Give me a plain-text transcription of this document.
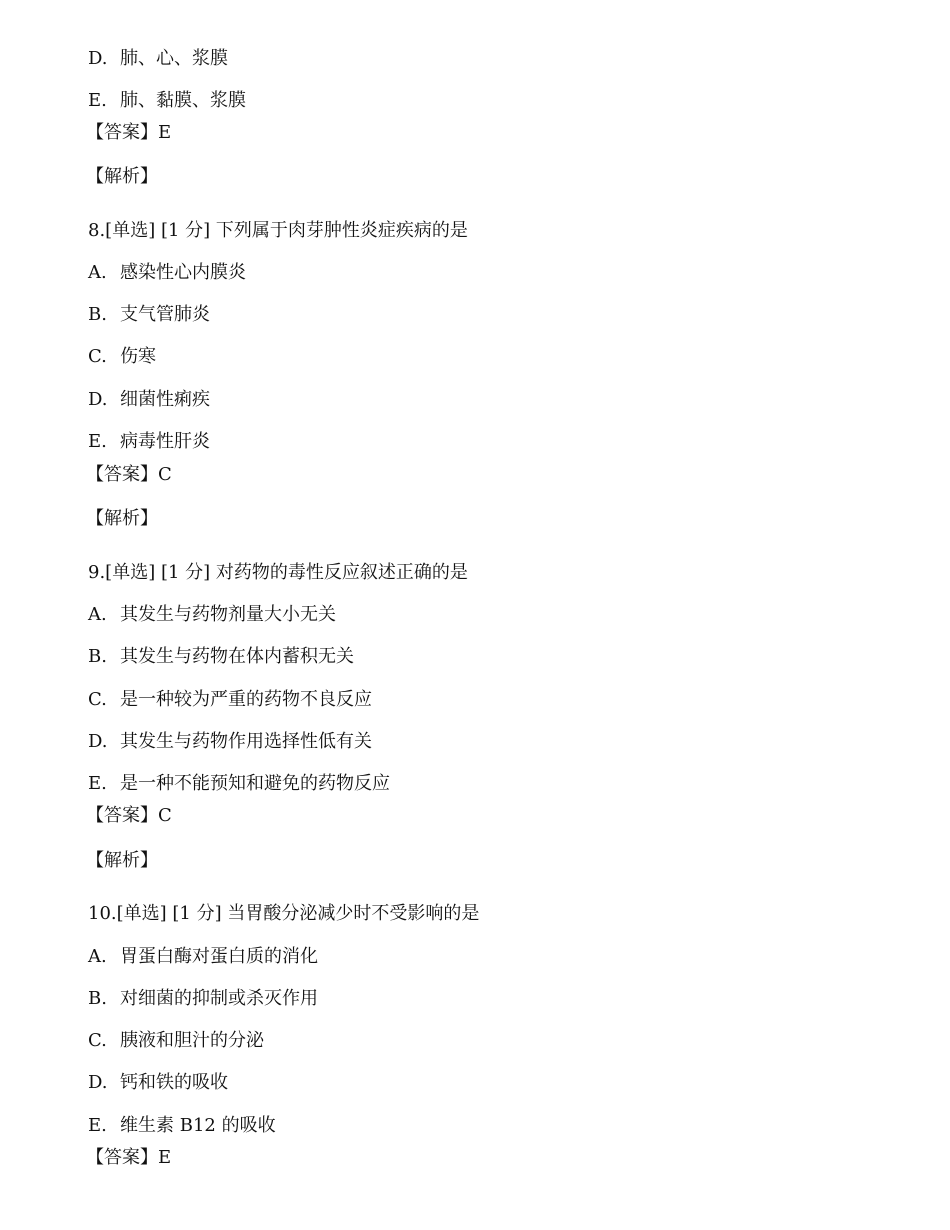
D. 肺、心、浆膜
E. 肺、黏膜、浆膜
【答案】E
【解析】
8.[单选] [1 分] 下列属于肉芽肿性炎症疾病的是
A. 感染性心内膜炎
B. 支气管肺炎
C. 伤寒
D. 细菌性痢疾
E. 病毒性肝炎
【答案】C
【解析】
9.[单选] [1 分] 对药物的毒性反应叙述正确的是
A. 其发生与药物剂量大小无关
B. 其发生与药物在体内蓄积无关
C. 是一种较为严重的药物不良反应
D. 其发生与药物作用选择性低有关
E. 是一种不能预知和避免的药物反应
【答案】C
【解析】
10.[单选] [1 分] 当胃酸分泌减少时不受影响的是
A. 胃蛋白酶对蛋白质的消化
B. 对细菌的抑制或杀灭作用
C. 胰液和胆汁的分泌
D. 钙和铁的吸收
E. 维生素 B12 的吸收
【答案】E
